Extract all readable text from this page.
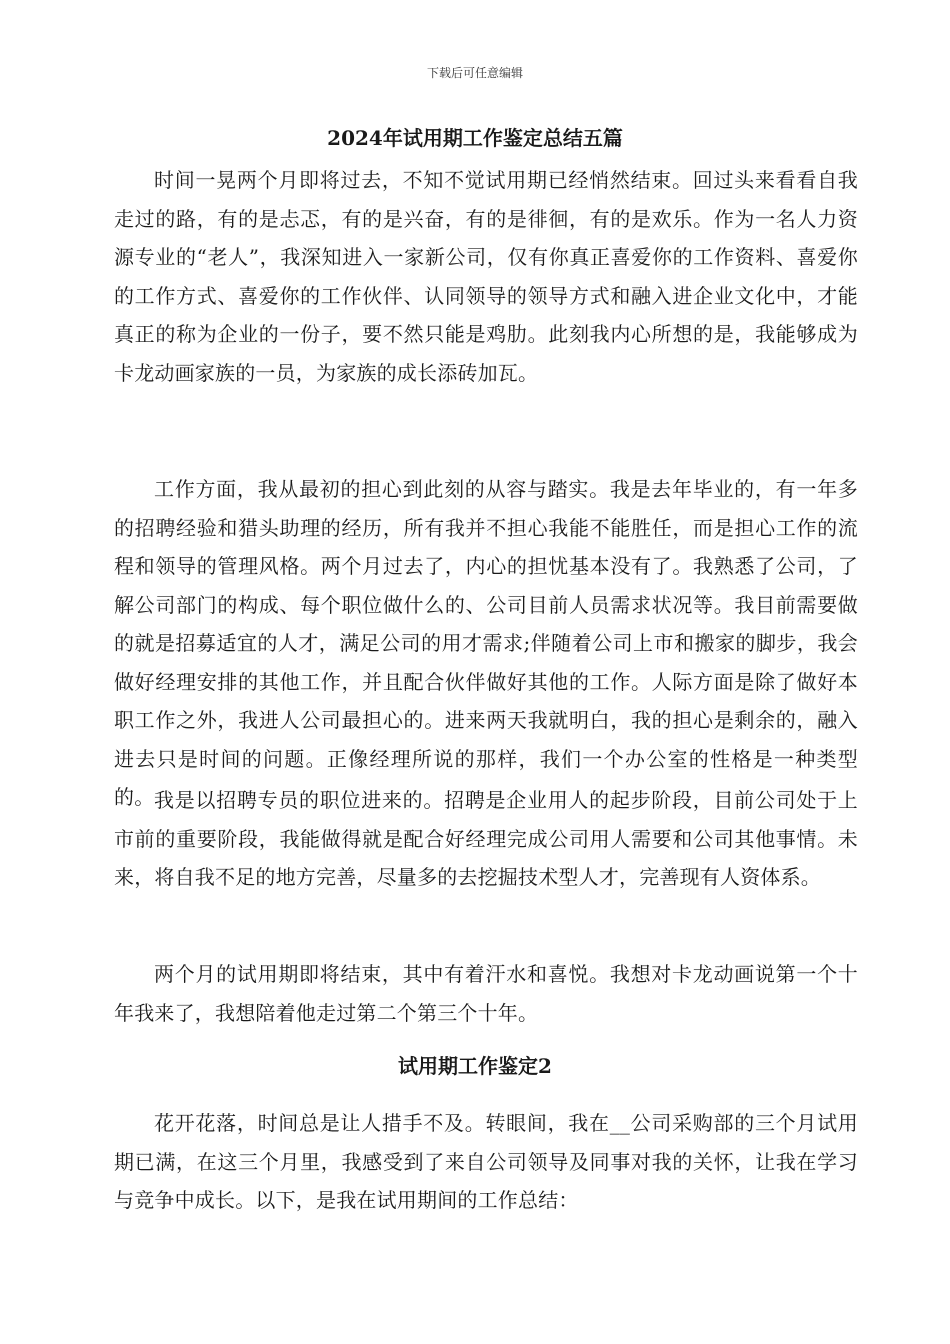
下载后可任意编辑
2024年试用期工作鉴定总结五篇

时间一晃两个月即将过去，不知不觉试用期已经悄然结束。回过头来看看自我走过的路，有的是忐忑，有的是兴奋，有的是徘徊，有的是欢乐。作为一名人力资源专业的“老人”，我深知进入一家新公司，仅有你真正喜爱你的工作资料、喜爱你的工作方式、喜爱你的工作伙伴、认同领导的领导方式和融入进企业文化中，才能真正的称为企业的一份子，要不然只能是鸡肋。此刻我内心所想的是，我能够成为卡龙动画家族的一员，为家族的成长添砖加瓦。

工作方面，我从最初的担心到此刻的从容与踏实。我是去年毕业的，有一年多的招聘经验和猎头助理的经历，所有我并不担心我能不能胜任，而是担心工作的流程和领导的管理风格。两个月过去了，内心的担忧基本没有了。我熟悉了公司，了解公司部门的构成、每个职位做什么的、公司目前人员需求状况等。我目前需要做的就是招募适宜的人才，满足公司的用才需求;伴随着公司上市和搬家的脚步，我会做好经理安排的其他工作，并且配合伙伴做好其他的工作。人际方面是除了做好本职工作之外，我进人公司最担心的。进来两天我就明白，我的担心是剩余的，融入进去只是时间的问题。正像经理所说的那样，我们一个办公室的性格是一种类型的。 我是以招聘专员的职位进来的。招聘是企业用人的起步阶段，目前公司处于上市前的重要阶段，我能做得就是配合好经理完成公司用人需要和公司其他事情。未来，将自我不足的地方完善，尽量多的去挖掘技术型人才，完善现有人资体系。

两个月的试用期即将结束，其中有着汗水和喜悦。我想对卡龙动画说第一个十年我来了，我想陪着他走过第二个第三个十年。

试用期工作鉴定2

花开花落，时间总是让人措手不及。转眼间，我在__公司采购部的三个月试用期已满，在这三个月里，我感受到了来自公司领导及同事对我的关怀，让我在学习与竞争中成长。以下，是我在试用期间的工作总结：
